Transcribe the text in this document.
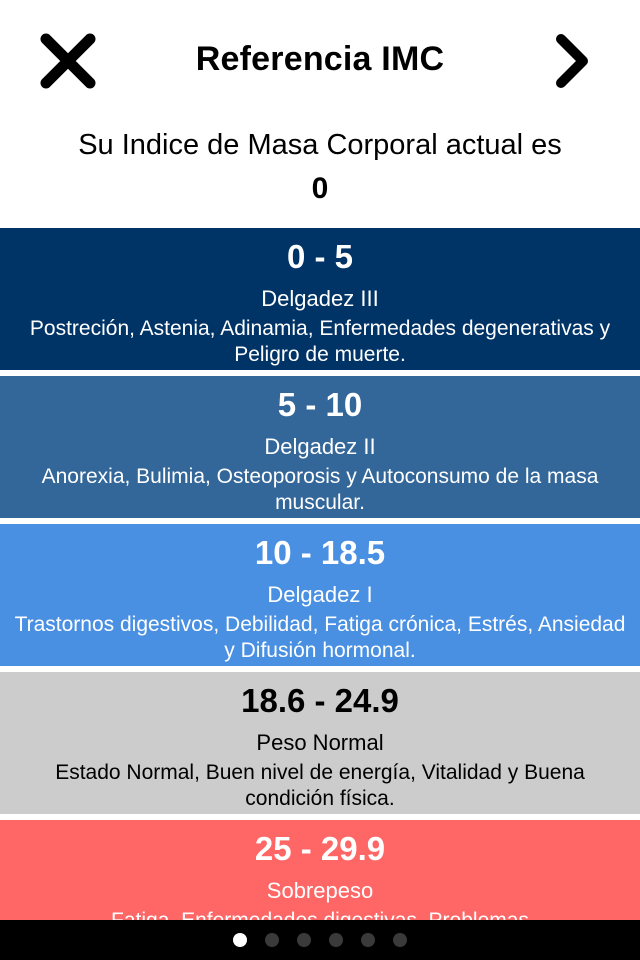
Referencia IMC
Su Indice de Masa Corporal actual es
0
0 - 5
Delgadez III
Postreción, Astenia, Adinamia, Enfermedades degenerativas y Peligro de muerte.
5 - 10
Delgadez II
Anorexia, Bulimia, Osteoporosis y Autoconsumo de la masa muscular.
10 - 18.5
Delgadez I
Trastornos digestivos, Debilidad, Fatiga crónica, Estrés, Ansiedad y Difusión hormonal.
18.6 - 24.9
Peso Normal
Estado Normal, Buen nivel de energía, Vitalidad y Buena condición física.
25 - 29.9
Sobrepeso
